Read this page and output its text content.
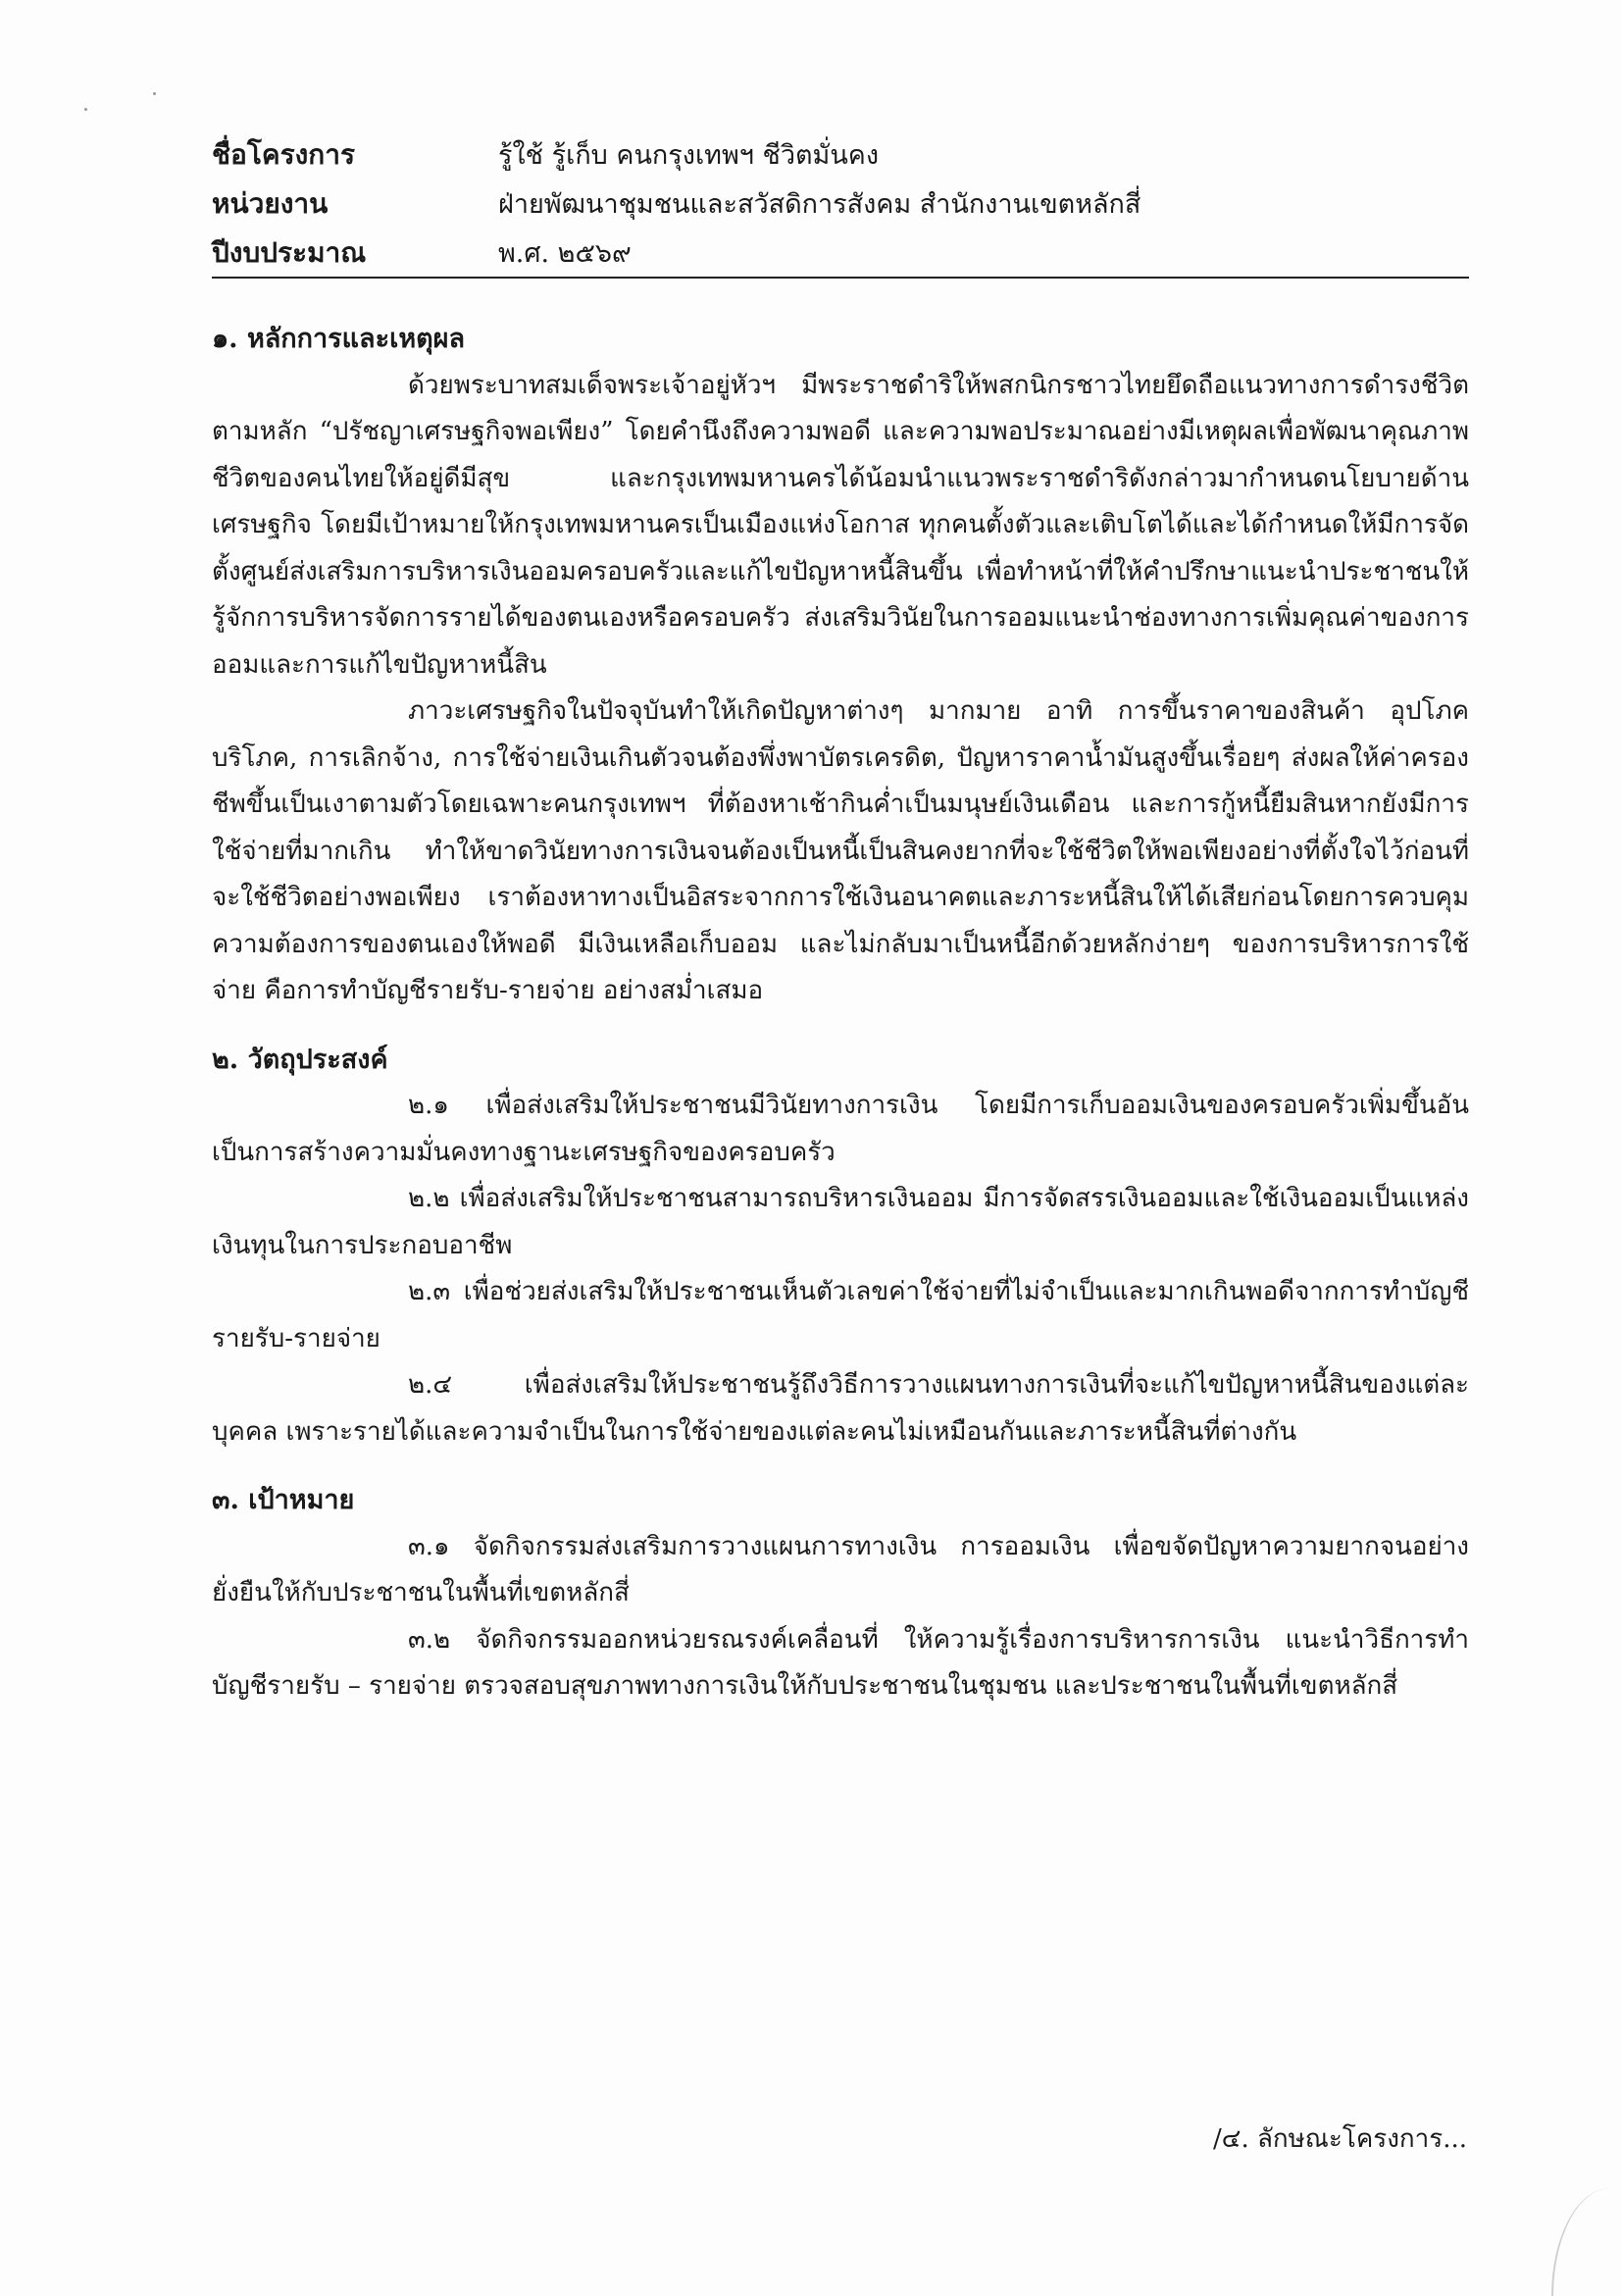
ชื่อโครงการ	รู้ใช้ รู้เก็บ คนกรุงเทพฯ ชีวิตมั่นคง
หน่วยงาน	ฝ่ายพัฒนาชุมชนและสวัสดิการสังคม สำนักงานเขตหลักสี่
ปีงบประมาณ	พ.ศ. ๒๕๖๙

๑. หลักการและเหตุผล

ด้วยพระบาทสมเด็จพระเจ้าอยู่หัวฯ มีพระราชดำริให้พสกนิกรชาวไทยยึดถือแนวทางการดำรงชีวิตตามหลัก “ปรัชญาเศรษฐกิจพอเพียง” โดยคำนึงถึงความพอดี และความพอประมาณอย่างมีเหตุผลเพื่อพัฒนาคุณภาพชีวิตของคนไทยให้อยู่ดีมีสุข และกรุงเทพมหานครได้น้อมนำแนวพระราชดำริดังกล่าวมากำหนดนโยบายด้านเศรษฐกิจ โดยมีเป้าหมายให้กรุงเทพมหานครเป็นเมืองแห่งโอกาส ทุกคนตั้งตัวและเติบโตได้และได้กำหนดให้มีการจัดตั้งศูนย์ส่งเสริมการบริหารเงินออมครอบครัวและแก้ไขปัญหาหนี้สินขึ้น เพื่อทำหน้าที่ให้คำปรึกษาแนะนำประชาชนให้รู้จักการบริหารจัดการรายได้ของตนเองหรือครอบครัว ส่งเสริมวินัยในการออมแนะนำช่องทางการเพิ่มคุณค่าของการออมและการแก้ไขปัญหาหนี้สิน

ภาวะเศรษฐกิจในปัจจุบันทำให้เกิดปัญหาต่างๆ มากมาย อาทิ การขึ้นราคาของสินค้า อุปโภคบริโภค, การเลิกจ้าง, การใช้จ่ายเงินเกินตัวจนต้องพึ่งพาบัตรเครดิต, ปัญหาราคาน้ำมันสูงขึ้นเรื่อยๆ ส่งผลให้ค่าครองชีพขึ้นเป็นเงาตามตัวโดยเฉพาะคนกรุงเทพฯ ที่ต้องหาเช้ากินค่ำเป็นมนุษย์เงินเดือน และการกู้หนี้ยืมสินหากยังมีการใช้จ่ายที่มากเกิน ทำให้ขาดวินัยทางการเงินจนต้องเป็นหนี้เป็นสินคงยากที่จะใช้ชีวิตให้พอเพียงอย่างที่ตั้งใจไว้ก่อนที่จะใช้ชีวิตอย่างพอเพียง เราต้องหาทางเป็นอิสระจากการใช้เงินอนาคตและภาระหนี้สินให้ได้เสียก่อนโดยการควบคุมความต้องการของตนเองให้พอดี มีเงินเหลือเก็บออม และไม่กลับมาเป็นหนี้อีกด้วยหลักง่ายๆ ของการบริหารการใช้จ่าย คือการทำบัญชีรายรับ-รายจ่าย อย่างสม่ำเสมอ

๒. วัตถุประสงค์

๒.๑ เพื่อส่งเสริมให้ประชาชนมีวินัยทางการเงิน โดยมีการเก็บออมเงินของครอบครัวเพิ่มขึ้นอันเป็นการสร้างความมั่นคงทางฐานะเศรษฐกิจของครอบครัว

๒.๒ เพื่อส่งเสริมให้ประชาชนสามารถบริหารเงินออม มีการจัดสรรเงินออมและใช้เงินออมเป็นแหล่งเงินทุนในการประกอบอาชีพ

๒.๓ เพื่อช่วยส่งเสริมให้ประชาชนเห็นตัวเลขค่าใช้จ่ายที่ไม่จำเป็นและมากเกินพอดีจากการทำบัญชีรายรับ-รายจ่าย

๒.๔ เพื่อส่งเสริมให้ประชาชนรู้ถึงวิธีการวางแผนทางการเงินที่จะแก้ไขปัญหาหนี้สินของแต่ละบุคคล เพราะรายได้และความจำเป็นในการใช้จ่ายของแต่ละคนไม่เหมือนกันและภาระหนี้สินที่ต่างกัน

๓. เป้าหมาย

๓.๑ จัดกิจกรรมส่งเสริมการวางแผนการทางเงิน การออมเงิน เพื่อขจัดปัญหาความยากจนอย่างยั่งยืนให้กับประชาชนในพื้นที่เขตหลักสี่

๓.๒ จัดกิจกรรมออกหน่วยรณรงค์เคลื่อนที่ ให้ความรู้เรื่องการบริหารการเงิน แนะนำวิธีการทำบัญชีรายรับ – รายจ่าย ตรวจสอบสุขภาพทางการเงินให้กับประชาชนในชุมชน และประชาชนในพื้นที่เขตหลักสี่

/๔. ลักษณะโครงการ...
